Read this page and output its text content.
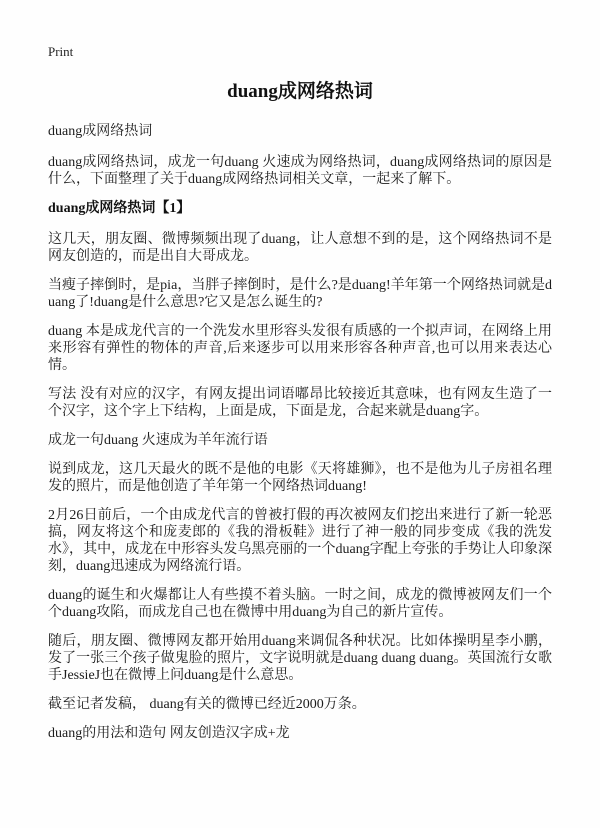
Print
duang成网络热词

duang成网络热词

duang成网络热词，成龙一句duang 火速成为网络热词，duang成网络热词的原因是什么，下面整理了关于duang成网络热词相关文章，一起来了解下。

duang成网络热词【1】

这几天，朋友圈、微博频频出现了duang，让人意想不到的是，这个网络热词不是网友创造的，而是出自大哥成龙。

当瘦子摔倒时，是pia，当胖子摔倒时，是什么?是duang!羊年第一个网络热词就是duang了!duang是什么意思?它又是怎么诞生的?

duang 本是成龙代言的一个洗发水里形容头发很有质感的一个拟声词，在网络上用来形容有弹性的物体的声音,后来逐步可以用来形容各种声音,也可以用来表达心情。

写法 没有对应的汉字，有网友提出词语嘟昂比较接近其意味，也有网友生造了一个汉字，这个字上下结构，上面是成，下面是龙，合起来就是duang字。

成龙一句duang 火速成为羊年流行语

说到成龙，这几天最火的既不是他的电影《天将雄狮》，也不是他为儿子房祖名理发的照片，而是他创造了羊年第一个网络热词duang!

2月26日前后，一个由成龙代言的曾被打假的再次被网友们挖出来进行了新一轮恶搞，网友将这个和庞麦郎的《我的滑板鞋》进行了神一般的同步变成《我的洗发水》，其中，成龙在中形容头发乌黑亮丽的一个duang字配上夸张的手势让人印象深刻，duang迅速成为网络流行语。

duang的诞生和火爆都让人有些摸不着头脑。一时之间，成龙的微博被网友们一个个duang攻陷，而成龙自己也在微博中用duang为自己的新片宣传。

随后，朋友圈、微博网友都开始用duang来调侃各种状况。比如体操明星李小鹏，发了一张三个孩子做鬼脸的照片，文字说明就是duang duang duang。英国流行女歌手JessieJ也在微博上问duang是什么意思。

截至记者发稿， duang有关的微博已经近2000万条。

duang的用法和造句 网友创造汉字成+龙
